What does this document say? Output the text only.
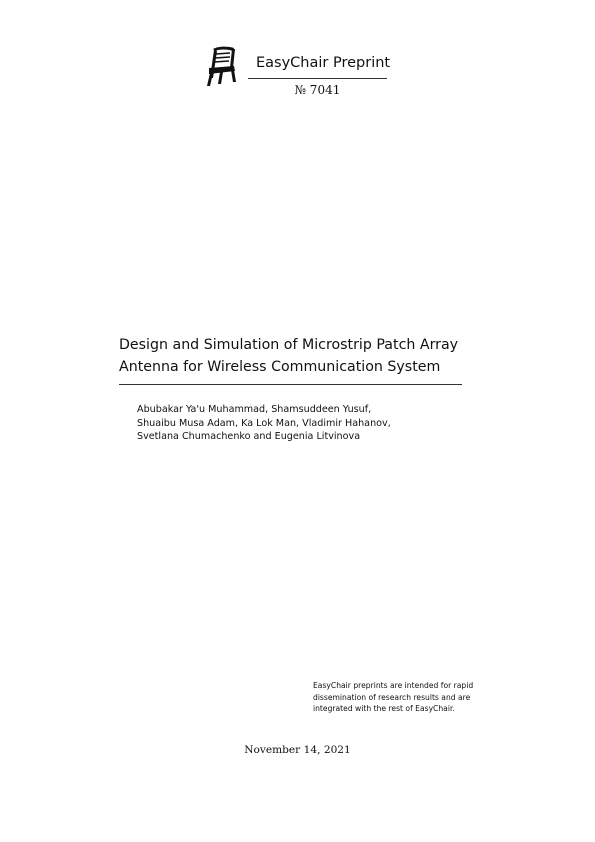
EasyChair Preprint
№ 7041
Design and Simulation of Microstrip Patch Array
Antenna for Wireless Communication System
Abubakar Ya'u Muhammad, Shamsuddeen Yusuf,
Shuaibu Musa Adam, Ka Lok Man, Vladimir Hahanov,
Svetlana Chumachenko and Eugenia Litvinova
EasyChair preprints are intended for rapid
dissemination of research results and are
integrated with the rest of EasyChair.
November 14, 2021
